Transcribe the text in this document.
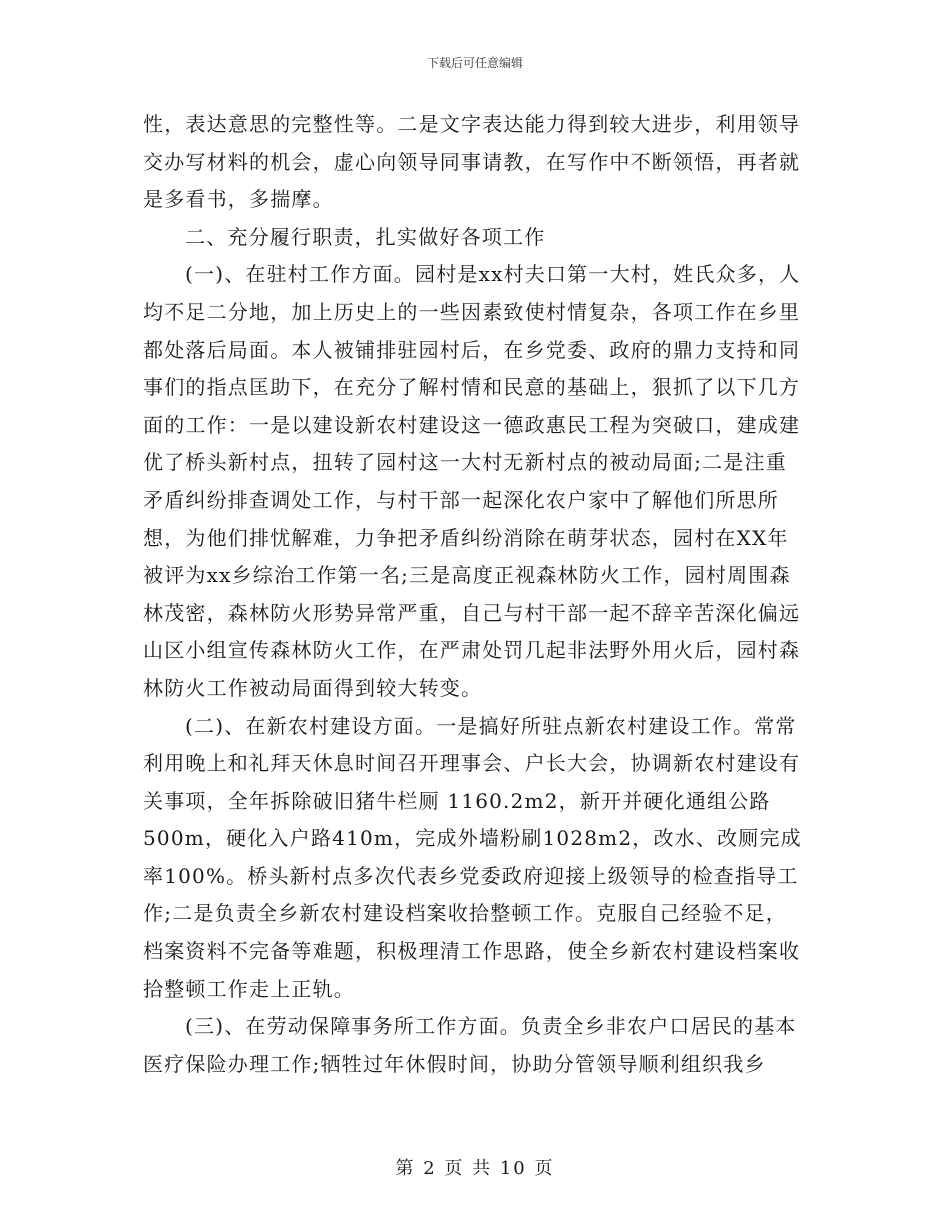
下载后可任意编辑

性，表达意思的完整性等。二是文字表达能力得到较大进步，利用领导交办写材料的机会，虚心向领导同事请教，在写作中不断领悟，再者就是多看书，多揣摩。

二、充分履行职责，扎实做好各项工作

(一)、在驻村工作方面。园村是xx村夫口第一大村，姓氏众多，人均不足二分地，加上历史上的一些因素致使村情复杂，各项工作在乡里都处落后局面。本人被铺排驻园村后，在乡党委、政府的鼎力支持和同事们的指点匡助下，在充分了解村情和民意的基础上，狠抓了以下几方面的工作：一是以建设新农村建设这一德政惠民工程为突破口，建成建优了桥头新村点，扭转了园村这一大村无新村点的被动局面;二是注重矛盾纠纷排查调处工作，与村干部一起深化农户家中了解他们所思所想，为他们排忧解难，力争把矛盾纠纷消除在萌芽状态，园村在XX年被评为xx乡综治工作第一名;三是高度正视森林防火工作，园村周围森林茂密，森林防火形势异常严重，自己与村干部一起不辞辛苦深化偏远山区小组宣传森林防火工作，在严肃处罚几起非法野外用火后，园村森林防火工作被动局面得到较大转变。

(二)、在新农村建设方面。一是搞好所驻点新农村建设工作。常常利用晚上和礼拜天休息时间召开理事会、户长大会，协调新农村建设有关事项，全年拆除破旧猪牛栏厕 1160.2m2，新开并硬化通组公路500m，硬化入户路410m，完成外墙粉刷1028m2，改水、改厕完成率100%。桥头新村点多次代表乡党委政府迎接上级领导的检查指导工作;二是负责全乡新农村建设档案收拾整顿工作。克服自己经验不足，档案资料不完备等难题，积极理清工作思路，使全乡新农村建设档案收拾整顿工作走上正轨。

(三)、在劳动保障事务所工作方面。负责全乡非农户口居民的基本医疗保险办理工作;牺牲过年休假时间，协助分管领导顺利组织我乡

第 2 页 共 10 页
